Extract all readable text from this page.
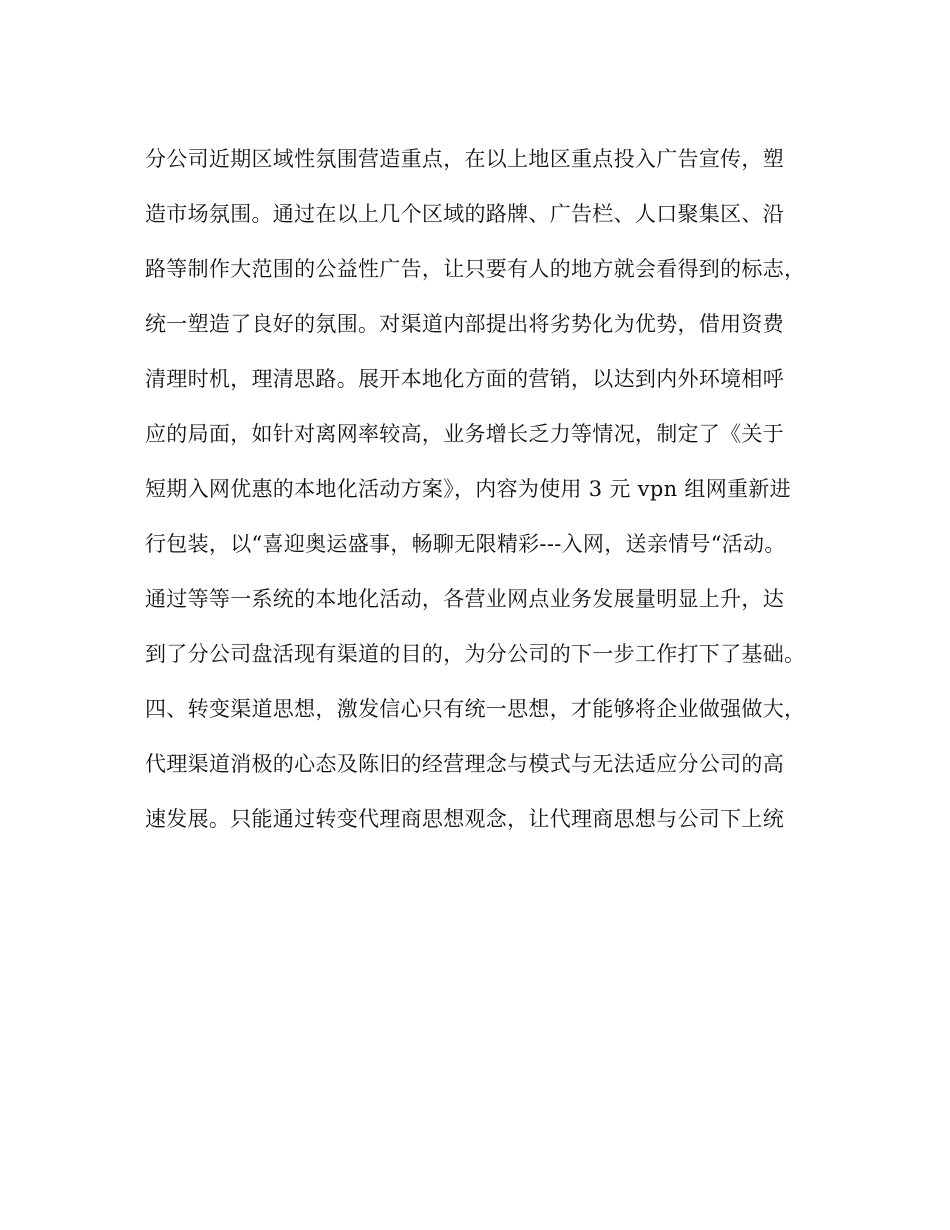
分公司近期区域性氛围营造重点，在以上地区重点投入广告宣传，塑
造市场氛围。通过在以上几个区域的路牌、广告栏、人口聚集区、沿
路等制作大范围的公益性广告，让只要有人的地方就会看得到的标志，
统一塑造了良好的氛围。对渠道内部提出将劣势化为优势，借用资费
清理时机，理清思路。展开本地化方面的营销，以达到内外环境相呼
应的局面，如针对离网率较高，业务增长乏力等情况，制定了《关于
短期入网优惠的本地化活动方案》，内容为使用 3 元 vpn 组网重新进
行包装，以“喜迎奥运盛事，畅聊无限精彩---入网，送亲情号“活动。
通过等等一系统的本地化活动，各营业网点业务发展量明显上升，达
到了分公司盘活现有渠道的目的，为分公司的下一步工作打下了基础。
四、转变渠道思想，激发信心只有统一思想，才能够将企业做强做大，
代理渠道消极的心态及陈旧的经营理念与模式与无法适应分公司的高
速发展。只能通过转变代理商思想观念，让代理商思想与公司下上统
